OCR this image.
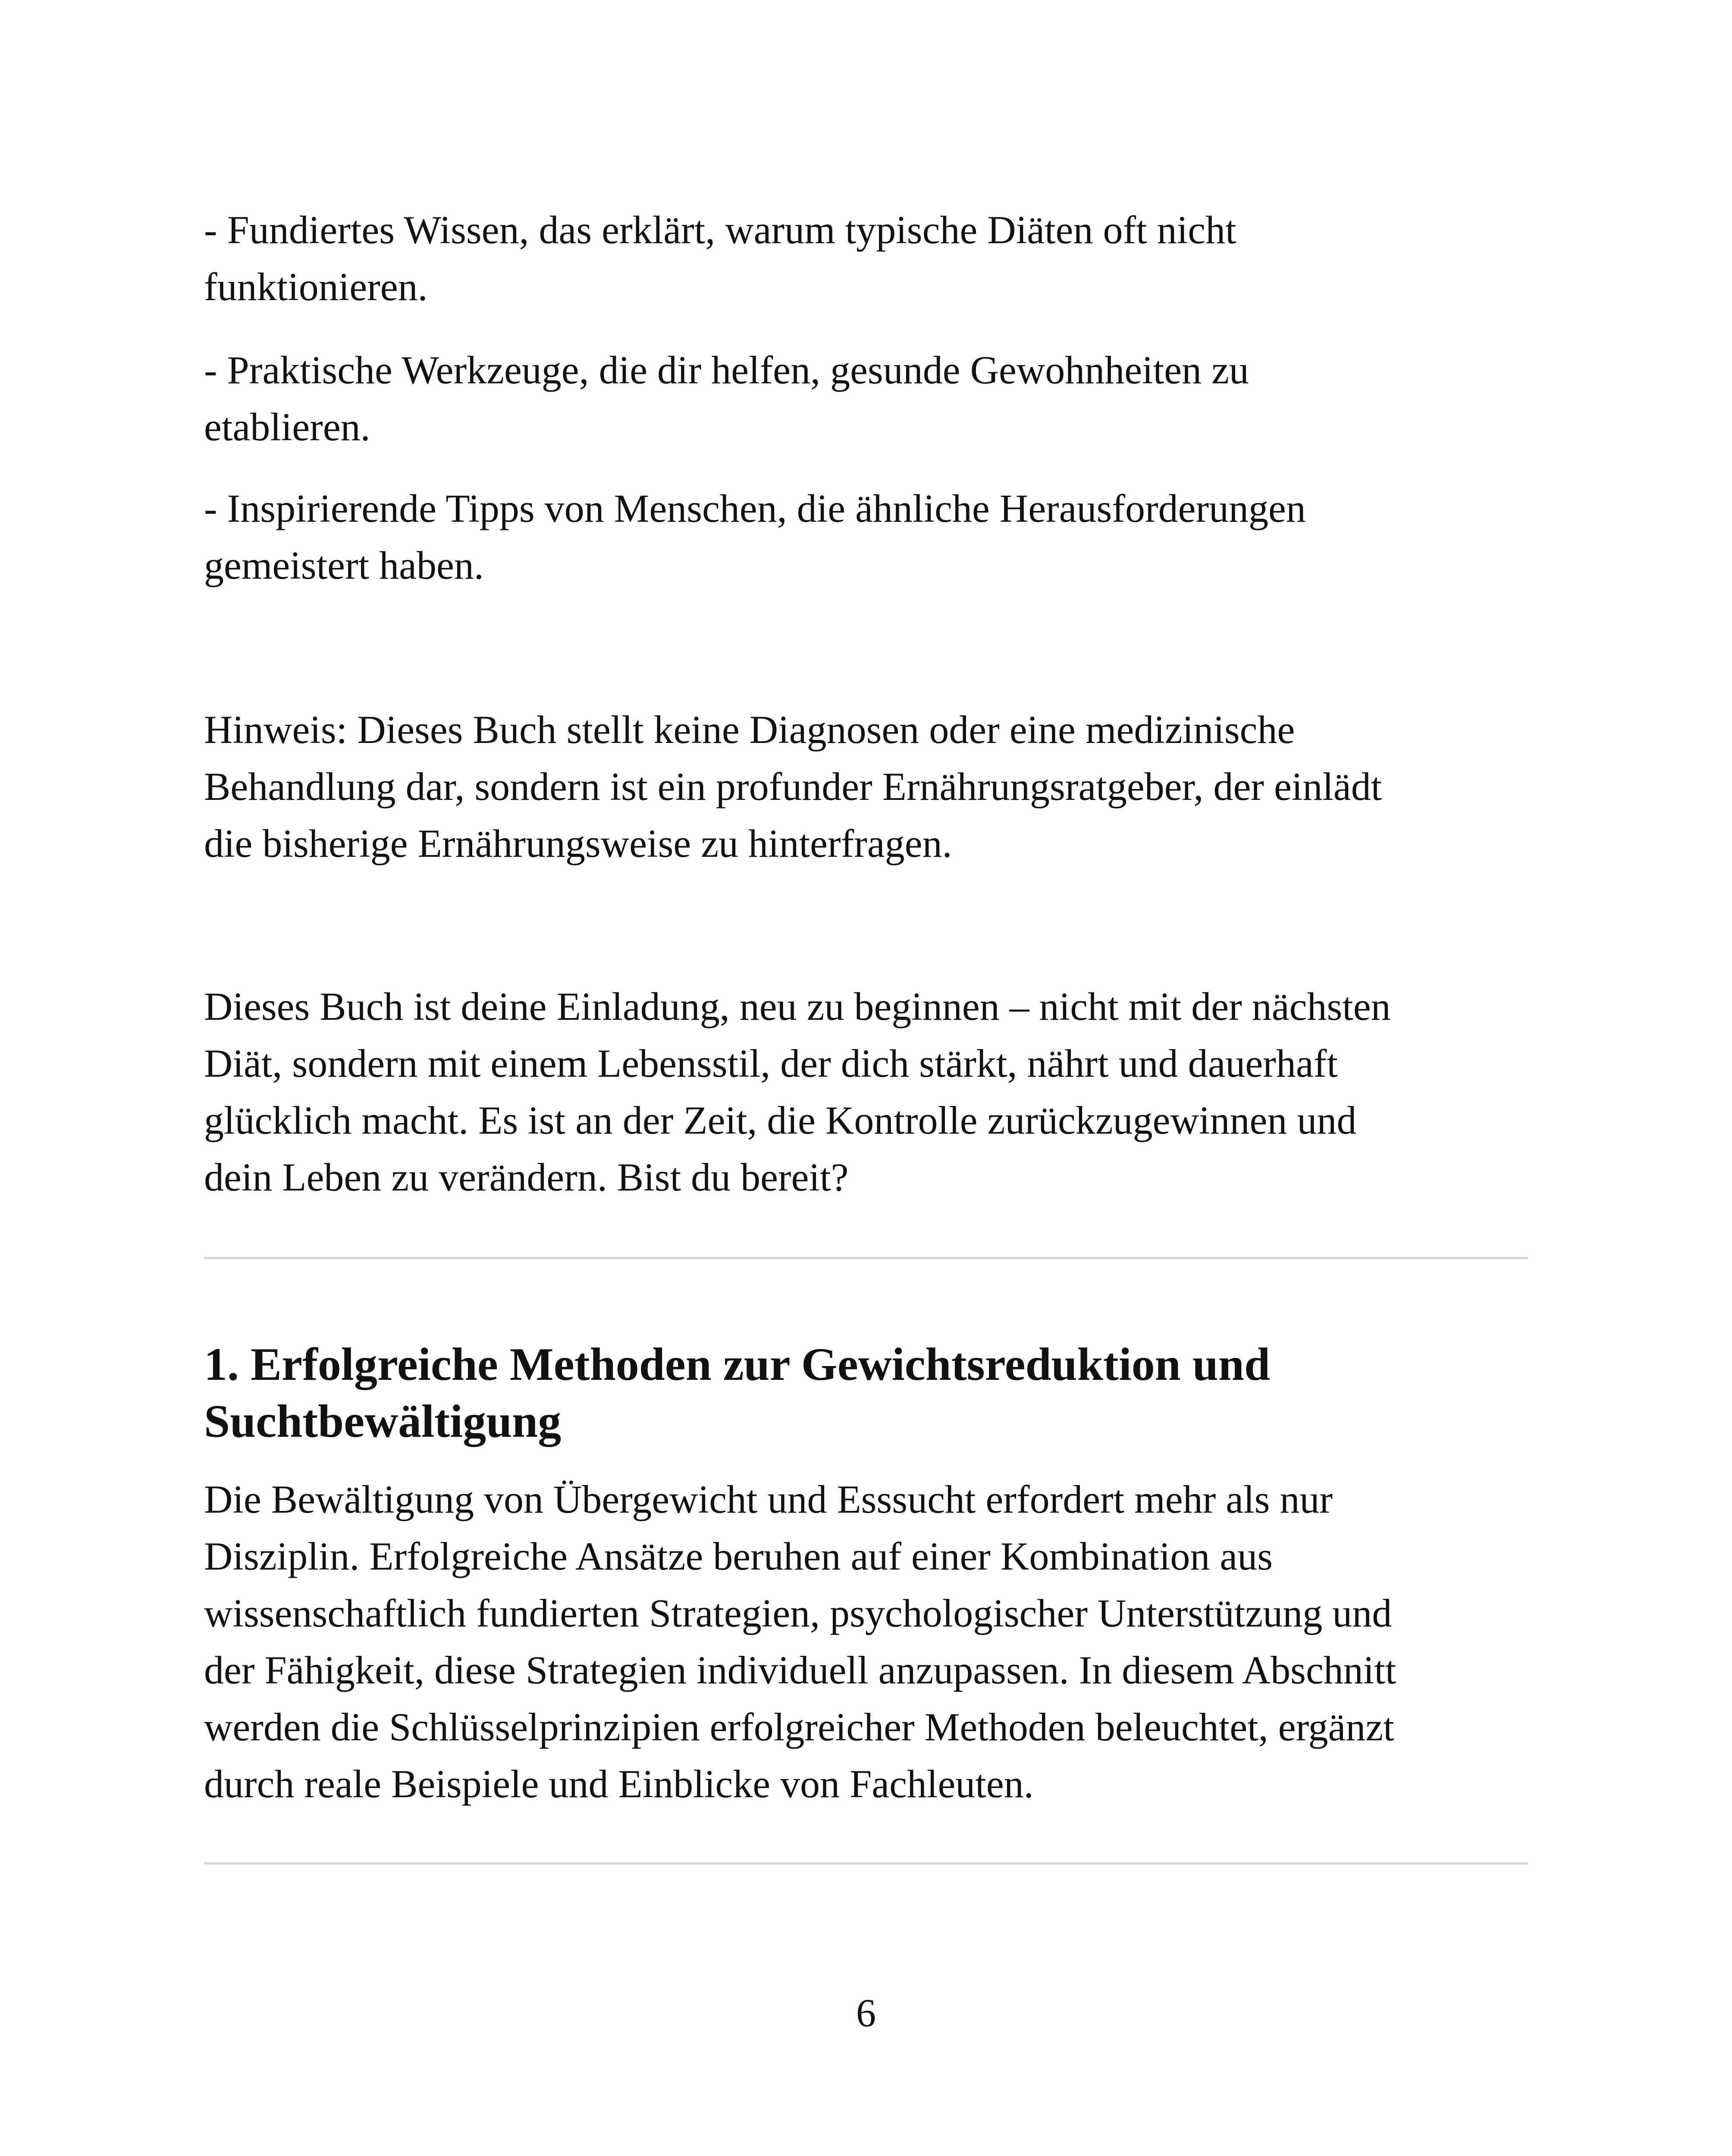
- Fundiertes Wissen, das erklärt, warum typische Diäten oft nicht
funktionieren.
- Praktische Werkzeuge, die dir helfen, gesunde Gewohnheiten zu
etablieren.
- Inspirierende Tipps von Menschen, die ähnliche Herausforderungen
gemeistert haben.
Hinweis: Dieses Buch stellt keine Diagnosen oder eine medizinische
Behandlung dar, sondern ist ein profunder Ernährungsratgeber, der einlädt
die bisherige Ernährungsweise zu hinterfragen.
Dieses Buch ist deine Einladung, neu zu beginnen – nicht mit der nächsten
Diät, sondern mit einem Lebensstil, der dich stärkt, nährt und dauerhaft
glücklich macht. Es ist an der Zeit, die Kontrolle zurückzugewinnen und
dein Leben zu verändern. Bist du bereit?
1. Erfolgreiche Methoden zur Gewichtsreduktion und
Suchtbewältigung
Die Bewältigung von Übergewicht und Esssucht erfordert mehr als nur
Disziplin. Erfolgreiche Ansätze beruhen auf einer Kombination aus
wissenschaftlich fundierten Strategien, psychologischer Unterstützung und
der Fähigkeit, diese Strategien individuell anzupassen. In diesem Abschnitt
werden die Schlüsselprinzipien erfolgreicher Methoden beleuchtet, ergänzt
durch reale Beispiele und Einblicke von Fachleuten.
6
